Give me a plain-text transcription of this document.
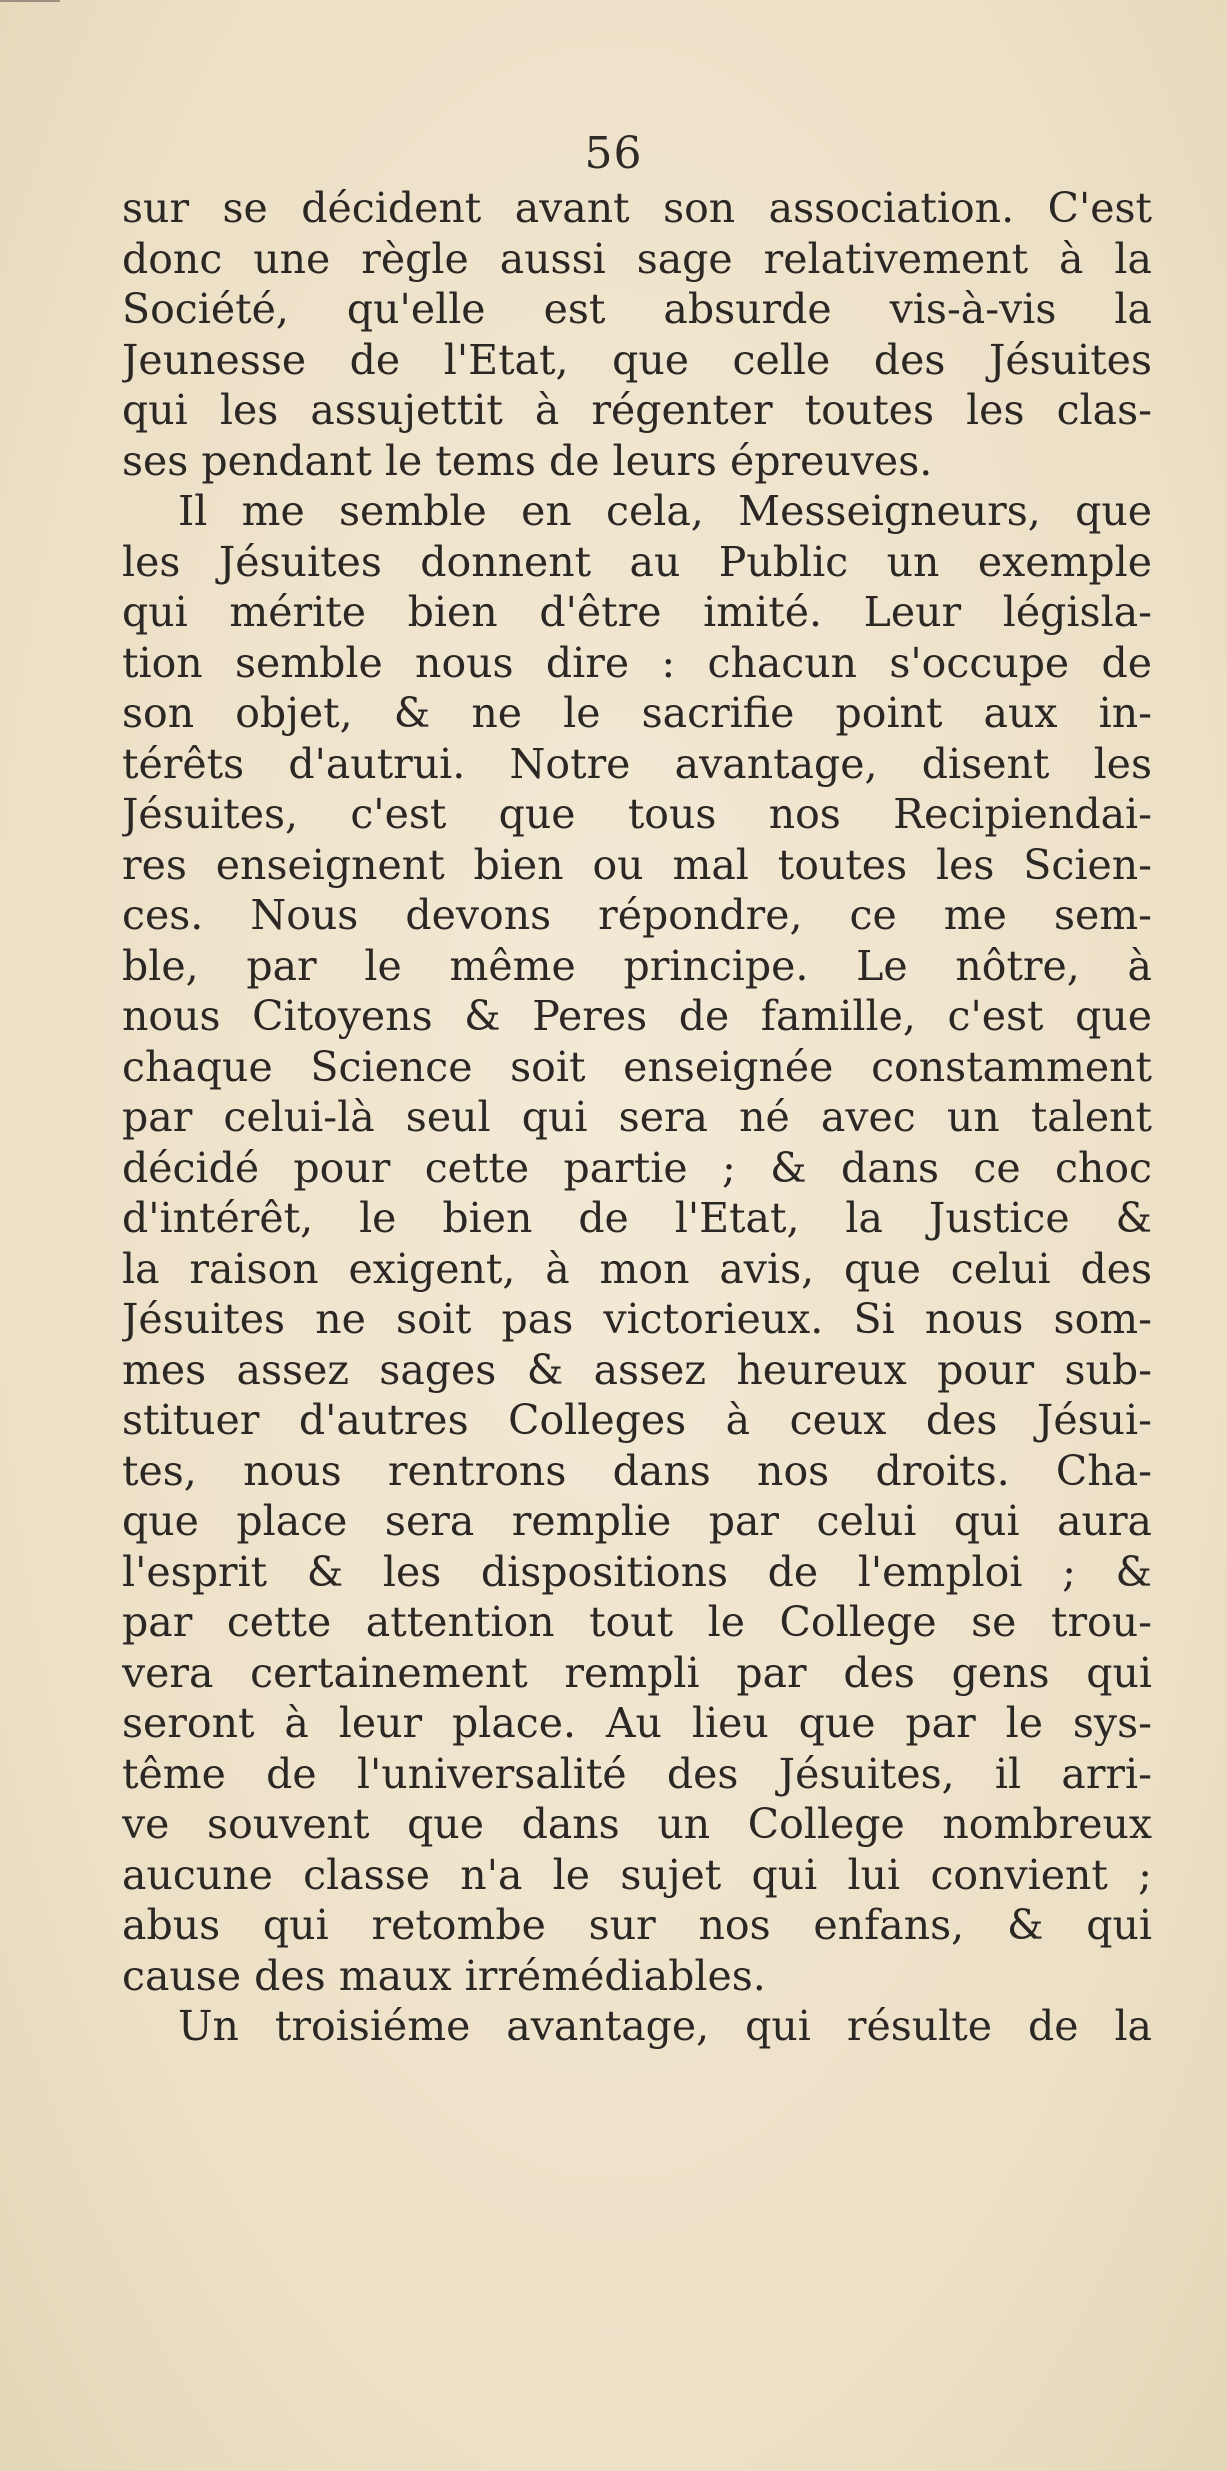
56
sur se décident avant son association. C'est
donc une règle aussi sage relativement à la
Société, qu'elle est absurde vis-à-vis la
Jeunesse de l'Etat, que celle des Jésuites
qui les assujettit à régenter toutes les clas-
ses pendant le tems de leurs épreuves.
Il me semble en cela, Messeigneurs, que
les Jésuites donnent au Public un exemple
qui mérite bien d'être imité. Leur législa-
tion semble nous dire : chacun s'occupe de
son objet, & ne le sacrifie point aux in-
térêts d'autrui. Notre avantage, disent les
Jésuites, c'est que tous nos Recipiendai-
res enseignent bien ou mal toutes les Scien-
ces. Nous devons répondre, ce me sem-
ble, par le même principe. Le nôtre, à
nous Citoyens & Peres de famille, c'est que
chaque Science soit enseignée constamment
par celui-là seul qui sera né avec un talent
décidé pour cette partie ; & dans ce choc
d'intérêt, le bien de l'Etat, la Justice &
la raison exigent, à mon avis, que celui des
Jésuites ne soit pas victorieux. Si nous som-
mes assez sages & assez heureux pour sub-
stituer d'autres Colleges à ceux des Jésui-
tes, nous rentrons dans nos droits. Cha-
que place sera remplie par celui qui aura
l'esprit & les dispositions de l'emploi ; &
par cette attention tout le College se trou-
vera certainement rempli par des gens qui
seront à leur place. Au lieu que par le sys-
tême de l'universalité des Jésuites, il arri-
ve souvent que dans un College nombreux
aucune classe n'a le sujet qui lui convient ;
abus qui retombe sur nos enfans, & qui
cause des maux irrémédiables.
Un troisiéme avantage, qui résulte de la
